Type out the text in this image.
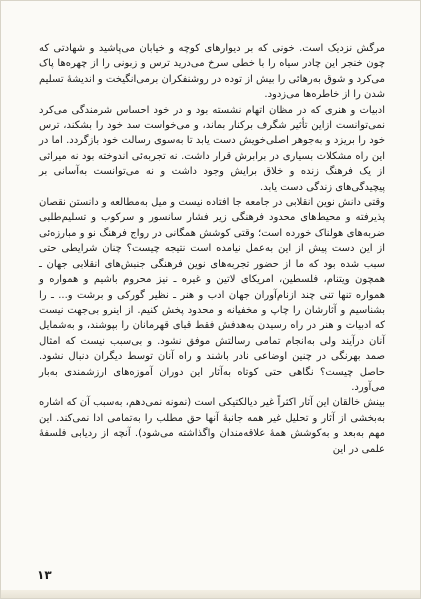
مرگش نزدیک است. خونی که بر دیوارهای کوچه و خیابان می‌پاشید و شهادتی که چون خنجر این چادر سیاه را با خطی سرخ می‌درید ترس و زبونی را از چهره‌ها پاک می‌کرد و شوق به‌رهائی را بیش از توده در روشنفکران برمی‌انگیخت و اندیشهٔ تسلیم شدن را از خاطره‌ها می‌زدود.

ادبیات و هنری که در مظان اتهام نشسته بود و در خود احساس شرمندگی می‌کرد نمی‌توانست ازاین تأثیر شگرف برکنار بماند، و می‌خواست سد خود را بشکند، ترس خود را بریزد و به‌جوهر اصلی‌خویش دست یابد تا به‌سوی رسالت خود بازگردد. اما در این راه مشکلات بسیاری در برابرش قرار داشت. نه تجربه‌ئی اندوخته بود نه میراثی از یک فرهنگ زنده و خلاق برایش وجود داشت و نه می‌توانست به‌آسانی بر پیچیدگی‌های زندگی دست یابد.

وقتی دانش نوین انقلابی در جامعه جا افتاده نیست و میل به‌مطالعه و دانستن نقصان پذیرفته و محیط‌های محدود فرهنگی زیر فشار سانسور و سرکوب و تسلیم‌طلبی ضربه‌های هولناک خورده است؛ وقتی کوشش همگانی در رواج فرهنگ نو و مبارزه‌ئی از این دست پیش از این به‌عمل نیامده است نتیجه چیست؟ چنان شرایطی حتی سبب شده بود که ما از حضور تجربه‌های نوین فرهنگی جنبش‌های انقلابی جهان ـ همچون ویتنام، فلسطین، امریکای لاتین و غیره ـ نیز محروم باشیم و همواره و همواره تنها تنی چند ازنام‌آوران جهان ادب و هنر ـ نظیر گورکی و برشت و... ـ را بشناسیم و آثارشان را چاپ و مخفیانه و محدود پخش کنیم. از اینرو بی‌جهت نیست که ادبیات و هنر در راه رسیدن به‌هدفش فقط قبای قهرمانان را بپوشند، و به‌شمایل آنان درآیند ولی به‌انجام تمامی رسالتش موفق نشود. و بی‌سبب نیست که امثال صمد بهرنگی در چنین اوضاعی نادر باشند و راه آنان توسط دیگران دنبال نشود. حاصل چیست؟ نگاهی حتی کوتاه به‌آثار این دوران آموزه‌های ارزشمندی به‌بار می‌آورد.

بینش خالقان این آثار اکثراً غیر دیالکتیکی است (نمونه نمی‌دهم، به‌سبب آن که اشاره به‌بخشی از آثار و تحلیل غیر همه جانبهٔ آنها حق مطلب را به‌تمامی ادا نمی‌کند. این مهم به‌بعد و به‌کوشش همهٔ علاقه‌مندان واگذاشته می‌شود). آنچه از ردیابی فلسفهٔ علمی در این

۱۳
